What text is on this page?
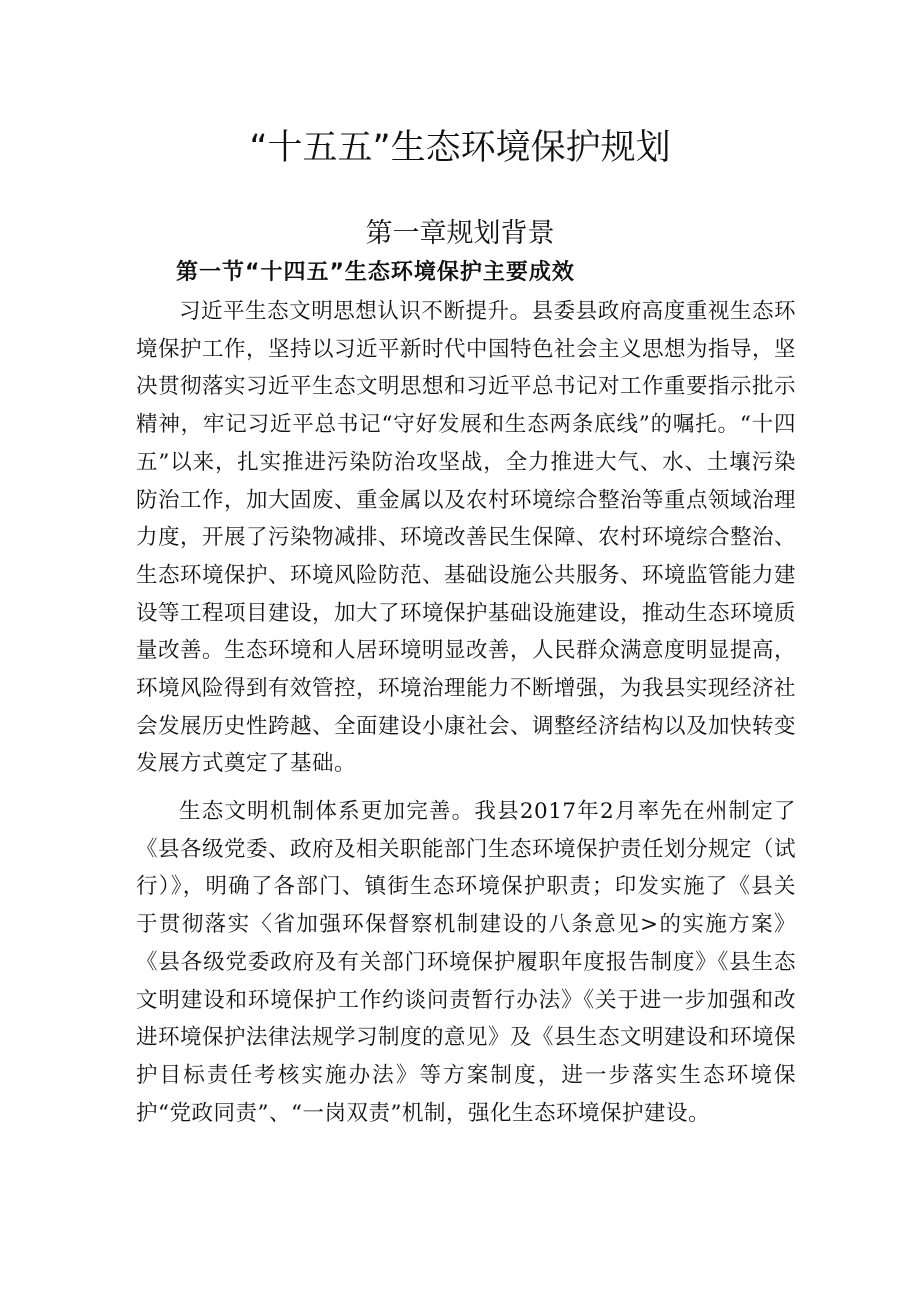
“十五五”生态环境保护规划
第一章规划背景
第一节“十四五”生态环境保护主要成效

习近平生态文明思想认识不断提升。县委县政府高度重视生态环境保护工作，坚持以习近平新时代中国特色社会主义思想为指导，坚决贯彻落实习近平生态文明思想和习近平总书记对工作重要指示批示精神，牢记习近平总书记“守好发展和生态两条底线”的嘱托。“十四五”以来，扎实推进污染防治攻坚战，全力推进大气、水、土壤污染防治工作，加大固废、重金属以及农村环境综合整治等重点领域治理力度，开展了污染物减排、环境改善民生保障、农村环境综合整治、生态环境保护、环境风险防范、基础设施公共服务、环境监管能力建设等工程项目建设，加大了环境保护基础设施建设，推动生态环境质量改善。生态环境和人居环境明显改善，人民群众满意度明显提高，环境风险得到有效管控，环境治理能力不断增强，为我县实现经济社会发展历史性跨越、全面建设小康社会、调整经济结构以及加快转变发展方式奠定了基础。

生态文明机制体系更加完善。我县2017年2月率先在州制定了《县各级党委、政府及相关职能部门生态环境保护责任划分规定（试行）》，明确了各部门、镇街生态环境保护职责；印发实施了《县关于贯彻落实〈省加强环保督察机制建设的八条意见>的实施方案》《县各级党委政府及有关部门环境保护履职年度报告制度》《县生态文明建设和环境保护工作约谈问责暂行办法》《关于进一步加强和改进环境保护法律法规学习制度的意见》及《县生态文明建设和环境保护目标责任考核实施办法》等方案制度，进一步落实生态环境保护“党政同责”、“一岗双责”机制，强化生态环境保护建设。
